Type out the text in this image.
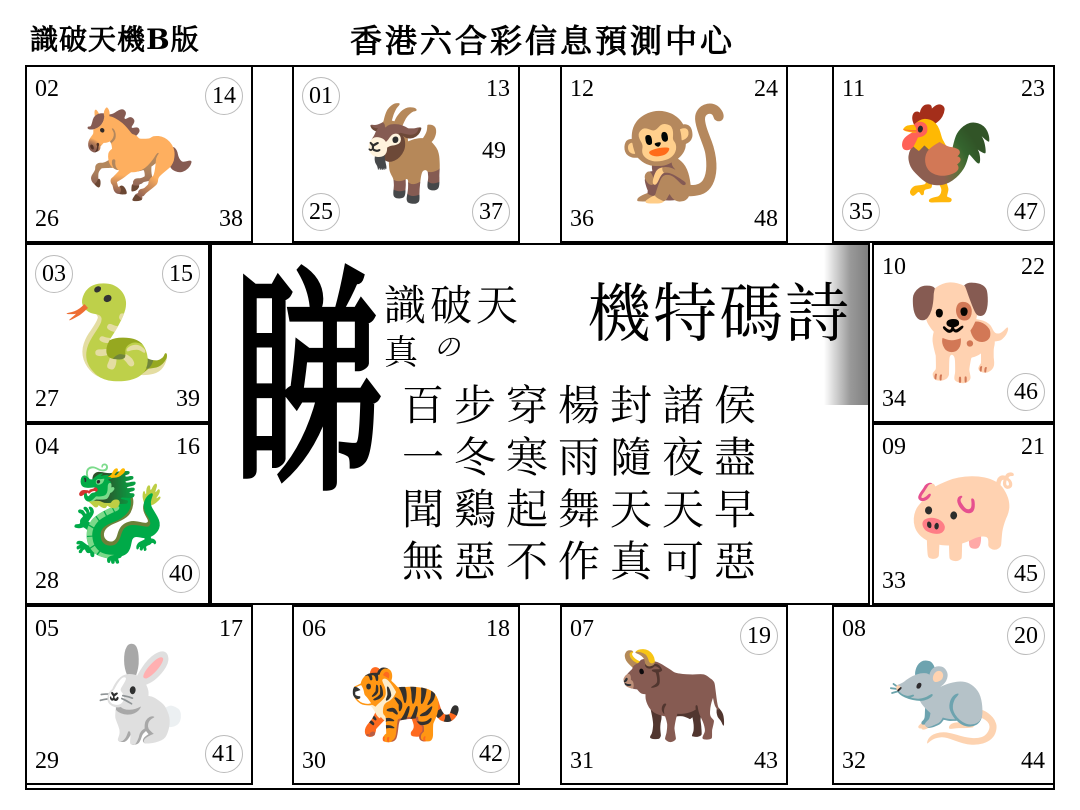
識破天機B版	香港六合彩信息預測中心
02	14
26	38
🐎
01	13
49
25	37
🐐
12	24
36	48
🐒
11	23
35	47
🐓
03	15
27	39
🐍
04	16
28	40
🐉
10	22
34	46
🐕
09	21
33	45
🐖
睇 識破天 機特碼詩
真 の
百步穿楊封諸侯
一冬寒雨隨夜盡
聞鷄起舞天天早
無惡不作真可惡
05	17
29	41
🐇
06	18
30	42
🐅
07	19
31	43
🐂
08	20
32	44
🐀
